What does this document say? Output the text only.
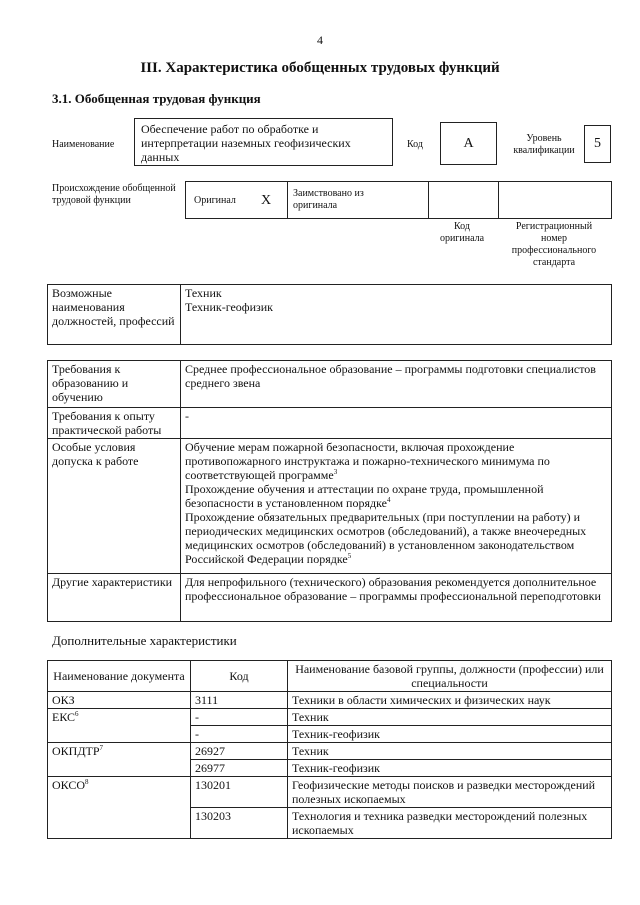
4
III. Характеристика обобщенных трудовых функций
3.1. Обобщенная трудовая функция
Наименование
Обеспечение работ по обработке и интерпретации наземных геофизических данных
Код	A	Уровень квалификации	5
Происхождение обобщенной трудовой функции	Оригинал X Заимствовано из оригинала
Код оригинала
Регистрационный номер профессионального стандарта
Возможные наименования должностей, профессий	Техник
Техник-геофизик
Требования к образованию и обучению	Среднее профессиональное образование – программы подготовки специалистов среднего звена
Требования к опыту практической работы	-
Особые условия допуска к работе	Обучение мерам пожарной безопасности, включая прохождение противопожарного инструктажа и пожарно-технического минимума по соответствующей программе$^3$
Прохождение обучения и аттестации по охране труда, промышленной безопасности в установленном порядке$^4$
Прохождение обязательных предварительных (при поступлении на работу) и периодических медицинских осмотров (обследований), а также внеочередных медицинских осмотров (обследований) в установленном законодательством Российской Федерации порядке$^5$

Другие характеристики	Для непрофильного (технического) образования рекомендуется дополнительное профессиональное образование – программы профессиональной переподготовки
Дополнительные характеристики
Наименование документа	Код	Наименование базовой группы, должности (профессии) или специальности
ОКЗ	3111	Техники в области химических и физических наук
ЕКС$^6$	-	Техник
	-	Техник-геофизик
ОКПДТР$^7$	26927	Техник
	26977	Техник-геофизик
ОКСО$^8$	130201	Геофизические методы поисков и разведки месторождений полезных ископаемых
	130203	Технология и техника разведки месторождений полезных ископаемых
